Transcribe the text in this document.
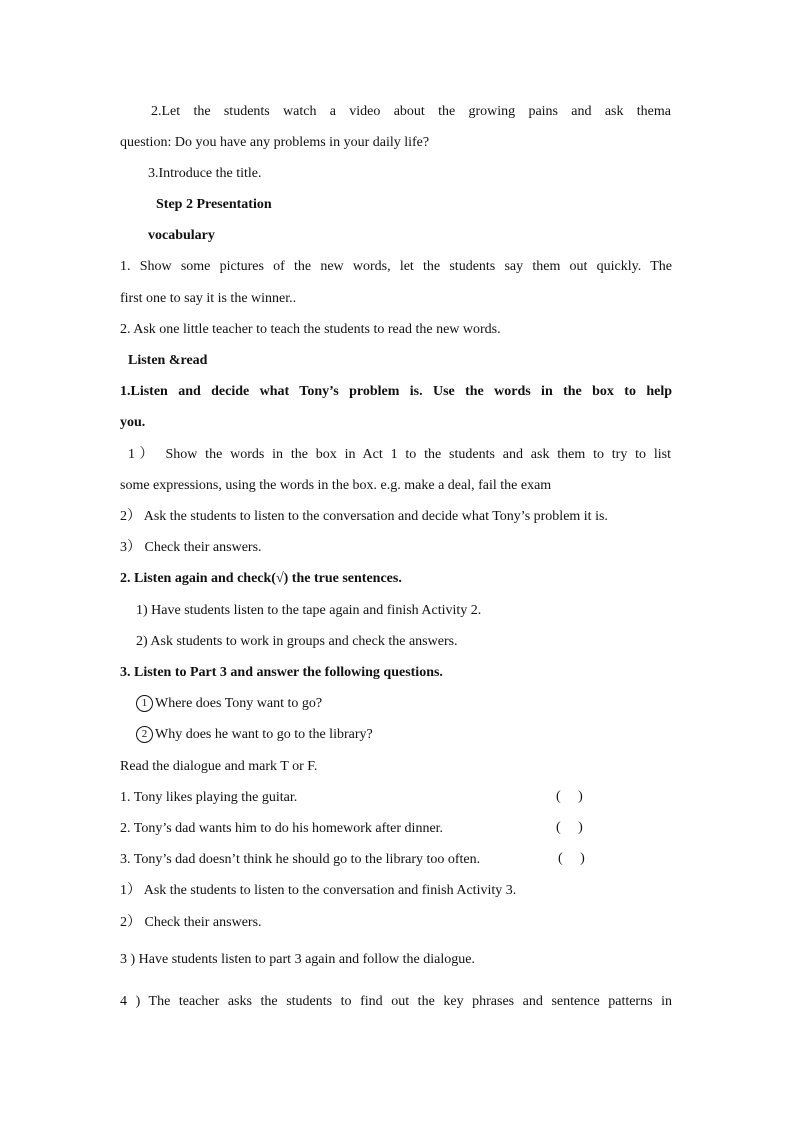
2.Let the students watch a video about the growing pains and ask thema
question: Do you have any problems in your daily life?
3.Introduce the title.
Step 2 Presentation
vocabulary
1. Show some pictures of the new words, let the students say them out quickly. The
first one to say it is the winner..
2. Ask one little teacher to teach the students to read the new words.
Listen &read
1.Listen and decide what Tony’s problem is. Use the words in the box to help
you.
1） Show the words in the box in Act 1 to the students and ask them to try to list
some expressions, using the words in the box. e.g. make a deal, fail the exam
2） Ask the students to listen to the conversation and decide what Tony’s problem it is.
3） Check their answers.
2. Listen again and check(√) the true sentences.
1) Have students listen to the tape again and finish Activity 2.
2) Ask students to work in groups and check the answers.
3. Listen to Part 3 and answer the following questions.
1 Where does Tony want to go?
2 Why does he want to go to the library?
Read the dialogue and mark T or F.
1. Tony likes playing the guitar.	(     )
2. Tony’s dad wants him to do his homework after dinner.	(     )
3. Tony’s dad doesn’t think he should go to the library too often.	(     )
1） Ask the students to listen to the conversation and finish Activity 3.
2） Check their answers.
3 ) Have students listen to part 3 again and follow the dialogue.
4 ) The teacher asks the students to find out the key phrases and sentence patterns in
